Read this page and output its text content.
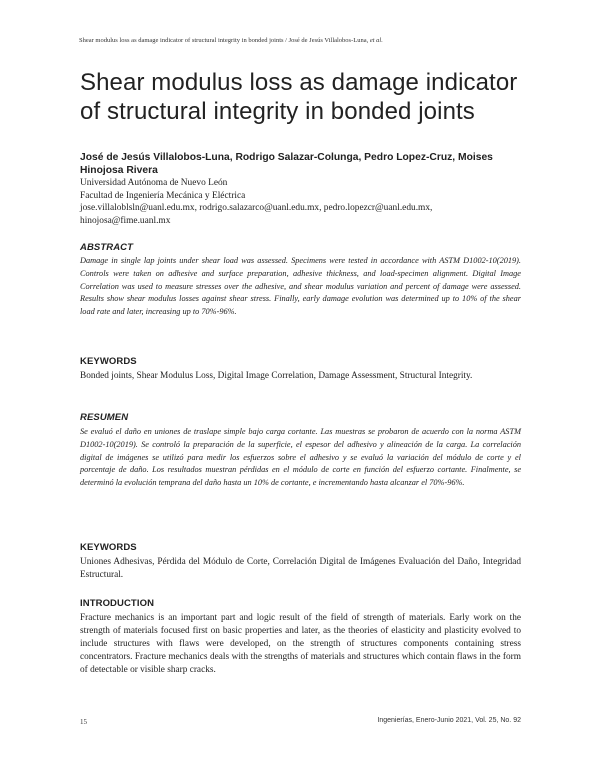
Shear modulus loss as damage indicator of structural integrity in bonded joints / José de Jesús Villalobos-Luna, et al.
Shear modulus loss as damage indicator
of structural integrity in bonded joints
José de Jesús Villalobos-Luna, Rodrigo Salazar-Colunga, Pedro Lopez-Cruz, Moises Hinojosa Rivera
Universidad Autónoma de Nuevo León
Facultad de Ingeniería Mecánica y Eléctrica
jose.villaloblsln@uanl.edu.mx, rodrigo.salazarco@uanl.edu.mx, pedro.lopezcr@uanl.edu.mx, hinojosa@fime.uanl.mx
ABSTRACT

Damage in single lap joints under shear load was assessed. Specimens were tested in accordance with ASTM D1002-10(2019). Controls were taken on adhesive and surface preparation, adhesive thickness, and load-specimen alignment. Digital Image Correlation was used to measure stresses over the adhesive, and shear modulus variation and percent of damage were assessed. Results show shear modulus losses against shear stress. Finally, early damage evolution was determined up to 10% of the shear load rate and later, increasing up to 70%-96%.

KEYWORDS

Bonded joints, Shear Modulus Loss, Digital Image Correlation, Damage Assessment, Structural Integrity.

RESUMEN

Se evaluó el daño en uniones de traslape simple bajo carga cortante. Las muestras se probaron de acuerdo con la norma ASTM D1002-10(2019). Se controló la preparación de la superficie, el espesor del adhesivo y alineación de la carga. La correlación digital de imágenes se utilizó para medir los esfuerzos sobre el adhesivo y se evaluó la variación del módulo de corte y el porcentaje de daño. Los resultados muestran pérdidas en el módulo de corte en función del esfuerzo cortante. Finalmente, se determinó la evolución temprana del daño hasta un 10% de cortante, e incrementando hasta alcanzar el 70%-96%.

KEYWORDS

Uniones Adhesivas, Pérdida del Módulo de Corte, Correlación Digital de Imágenes Evaluación del Daño, Integridad Estructural.

INTRODUCTION

Fracture mechanics is an important part and logic result of the field of strength of materials. Early work on the strength of materials focused first on basic properties and later, as the theories of elasticity and plasticity evolved to include structures with flaws were developed, on the strength of structures components containing stress concentrators. Fracture mechanics deals with the strengths of materials and structures which contain flaws in the form of detectable or visible sharp cracks.

15	Ingenierías, Enero-Junio 2021, Vol. 25, No. 92
